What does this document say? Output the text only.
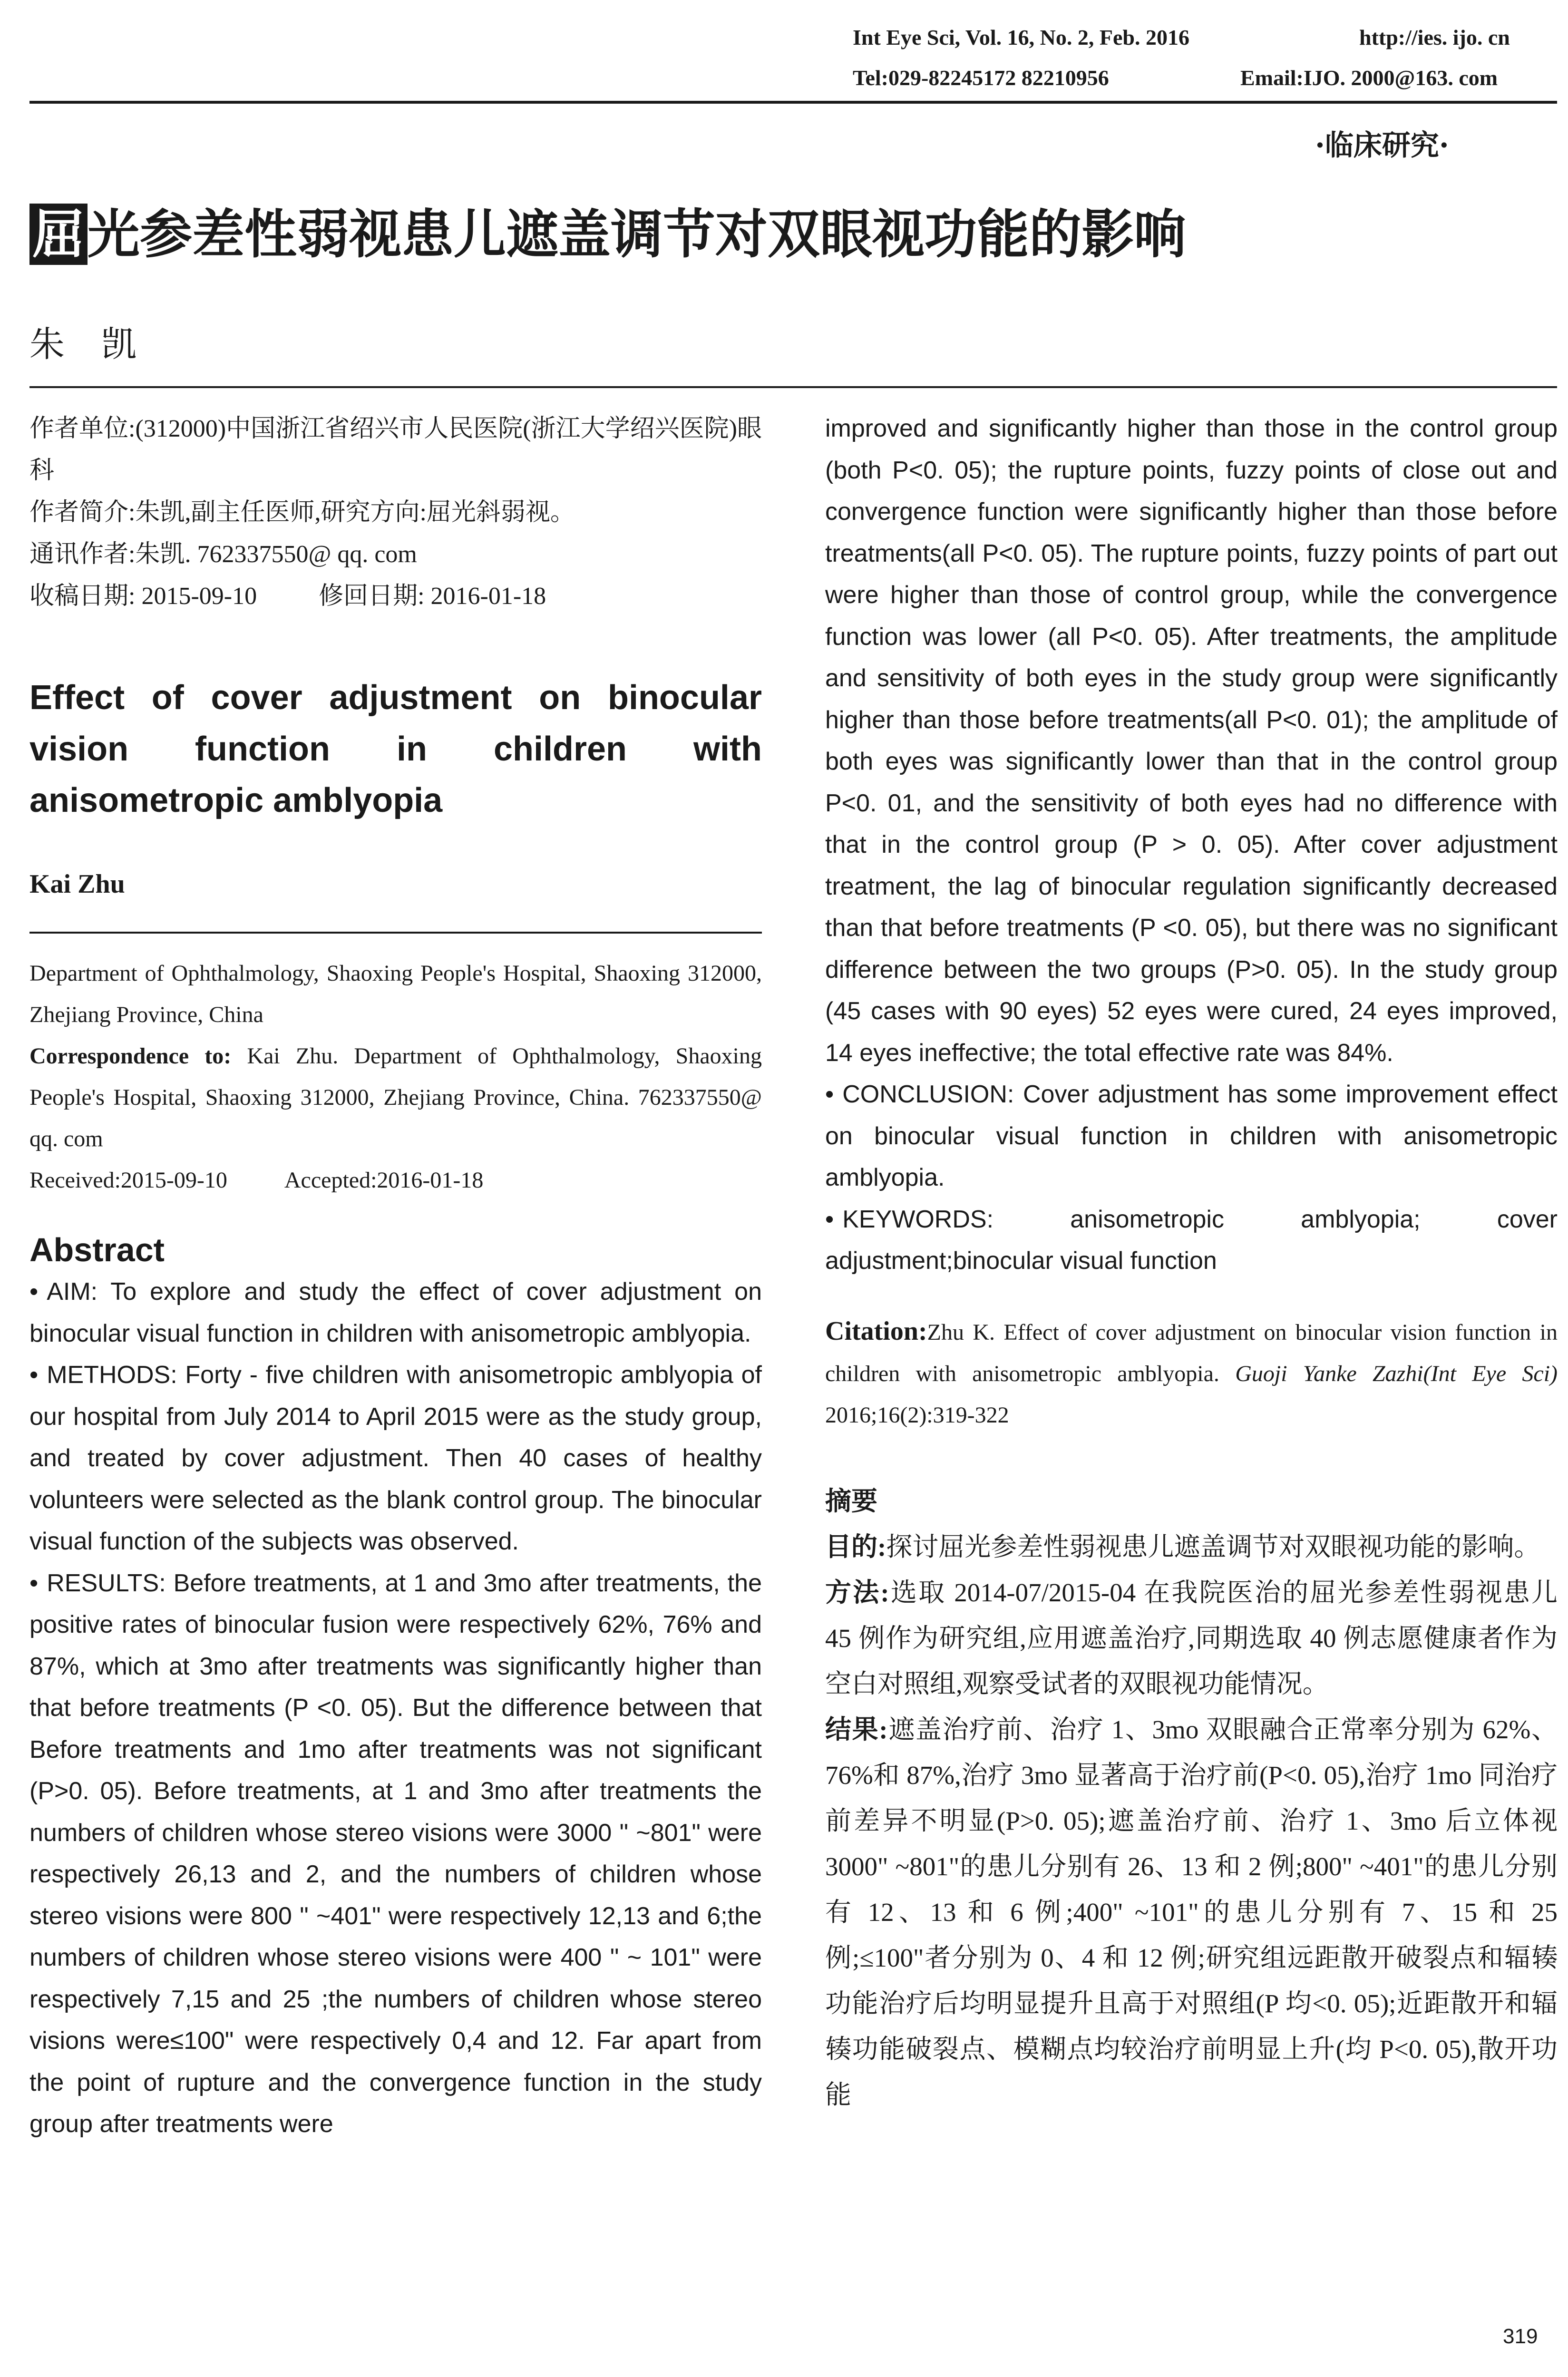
Int Eye Sci, Vol. 16, No. 2, Feb. 2016	http://ies. ijo. cn
Tel:029-82245172 82210956	Email:IJO. 2000@163. com
·临床研究·
屈光参差性弱视患儿遮盖调节对双眼视功能的影响
朱  凯

作者单位:(312000)中国浙江省绍兴市人民医院(浙江大学绍兴医院)眼科

作者简介:朱凯,副主任医师,研究方向:屈光斜弱视。

通讯作者:朱凯. 762337550@ qq. com

收稿日期: 2015-09-10	修回日期: 2016-01-18

Effect of cover adjustment on binocular vision function in children with anisometropic amblyopia
Kai Zhu

Department of Ophthalmology, Shaoxing People's Hospital, Shaoxing 312000, Zhejiang Province, China

Correspondence to: Kai Zhu. Department of Ophthalmology, Shaoxing People's Hospital, Shaoxing 312000, Zhejiang Province, China. 762337550@ qq. com

Received:2015-09-10	Accepted:2016-01-18

Abstract

• AIM: To explore and study the effect of cover adjustment on binocular visual function in children with anisometropic amblyopia.

• METHODS: Forty - five children with anisometropic amblyopia of our hospital from July 2014 to April 2015 were as the study group, and treated by cover adjustment. Then 40 cases of healthy volunteers were selected as the blank control group. The binocular visual function of the subjects was observed.

• RESULTS: Before treatments, at 1 and 3mo after treatments, the positive rates of binocular fusion were respectively 62%, 76% and 87%, which at 3mo after treatments was significantly higher than that before treatments (P <0. 05). But the difference between that Before treatments and 1mo after treatments was not significant (P>0. 05). Before treatments, at 1 and 3mo after treatments the numbers of children whose stereo visions were 3000 " ~801" were respectively 26,13 and 2, and the numbers of children whose stereo visions were 800 " ~401" were respectively 12,13 and 6;the numbers of children whose stereo visions were 400 " ~ 101" were respectively 7,15 and 25 ;the numbers of children whose stereo visions were≤100" were respectively 0,4 and 12. Far apart from the point of rupture and the convergence function in the study group after treatments were

improved and significantly higher than those in the control group (both P<0. 05); the rupture points, fuzzy points of close out and convergence function were significantly higher than those before treatments(all P<0. 05). The rupture points, fuzzy points of part out were higher than those of control group, while the convergence function was lower (all P<0. 05). After treatments, the amplitude and sensitivity of both eyes in the study group were significantly higher than those before treatments(all P<0. 01); the amplitude of both eyes was significantly lower than that in the control group P<0. 01, and the sensitivity of both eyes had no difference with that in the control group (P > 0. 05). After cover adjustment treatment, the lag of binocular regulation significantly decreased than that before treatments (P <0. 05), but there was no significant difference between the two groups (P>0. 05). In the study group (45 cases with 90 eyes) 52 eyes were cured, 24 eyes improved, 14 eyes ineffective; the total effective rate was 84%.

• CONCLUSION: Cover adjustment has some improvement effect on binocular visual function in children with anisometropic amblyopia.

• KEYWORDS:	anisometropic amblyopia; cover adjustment;binocular visual function

Citation:Zhu K. Effect of cover adjustment on binocular vision function in children with anisometropic amblyopia. Guoji Yanke Zazhi(Int Eye Sci) 2016;16(2):319-322

摘要

目的:探讨屈光参差性弱视患儿遮盖调节对双眼视功能的影响。

方法:选取 2014-07/2015-04 在我院医治的屈光参差性弱视患儿 45 例作为研究组,应用遮盖治疗,同期选取 40 例志愿健康者作为空白对照组,观察受试者的双眼视功能情况。

结果:遮盖治疗前、治疗 1、3mo 双眼融合正常率分别为 62%、76%和 87%,治疗 3mo 显著高于治疗前(P<0. 05),治疗 1mo 同治疗前差异不明显(P>0. 05);遮盖治疗前、治疗 1、3mo 后立体视 3000" ~801"的患儿分别有 26、13 和 2 例;800" ~401"的患儿分别有 12、13 和 6 例;400" ~101"的患儿分别有 7、15 和 25 例;≤100"者分别为 0、4 和 12 例;研究组远距散开破裂点和辐辏功能治疗后均明显提升且高于对照组(P 均<0. 05);近距散开和辐辏功能破裂点、模糊点均较治疗前明显上升(均 P<0. 05),散开功能

319
